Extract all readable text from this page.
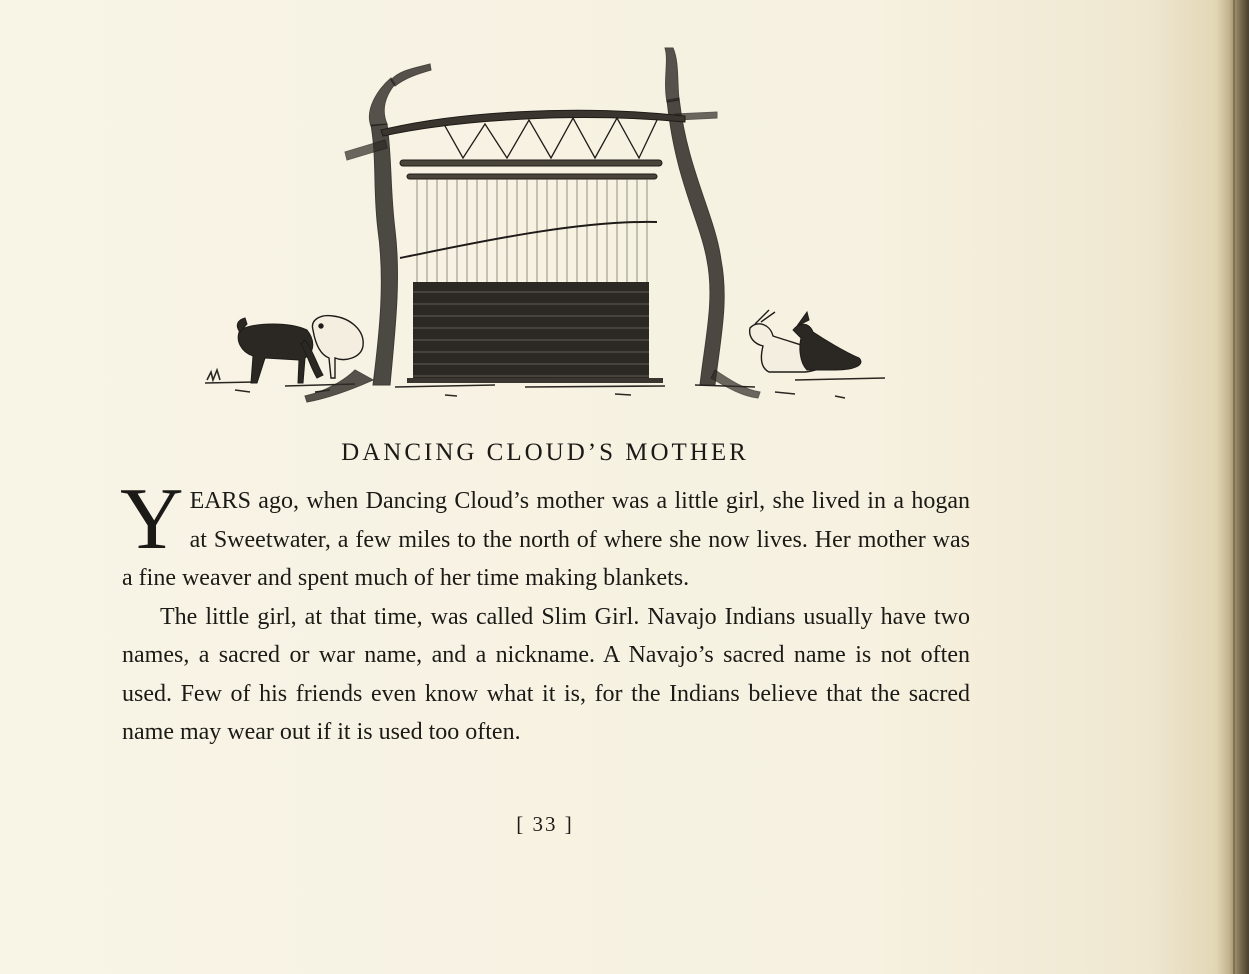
DANCING CLOUD’S MOTHER

YEARS ago, when Dancing Cloud’s mother was a little girl, she lived in a hogan at Sweetwater, a few miles to the north of where she now lives. Her mother was a fine weaver and spent much of her time making blankets.

The little girl, at that time, was called Slim Girl. Navajo Indians usually have two names, a sacred or war name, and a nickname. A Navajo’s sacred name is not often used. Few of his friends even know what it is, for the Indians believe that the sacred name may wear out if it is used too often.

[ 33 ]
